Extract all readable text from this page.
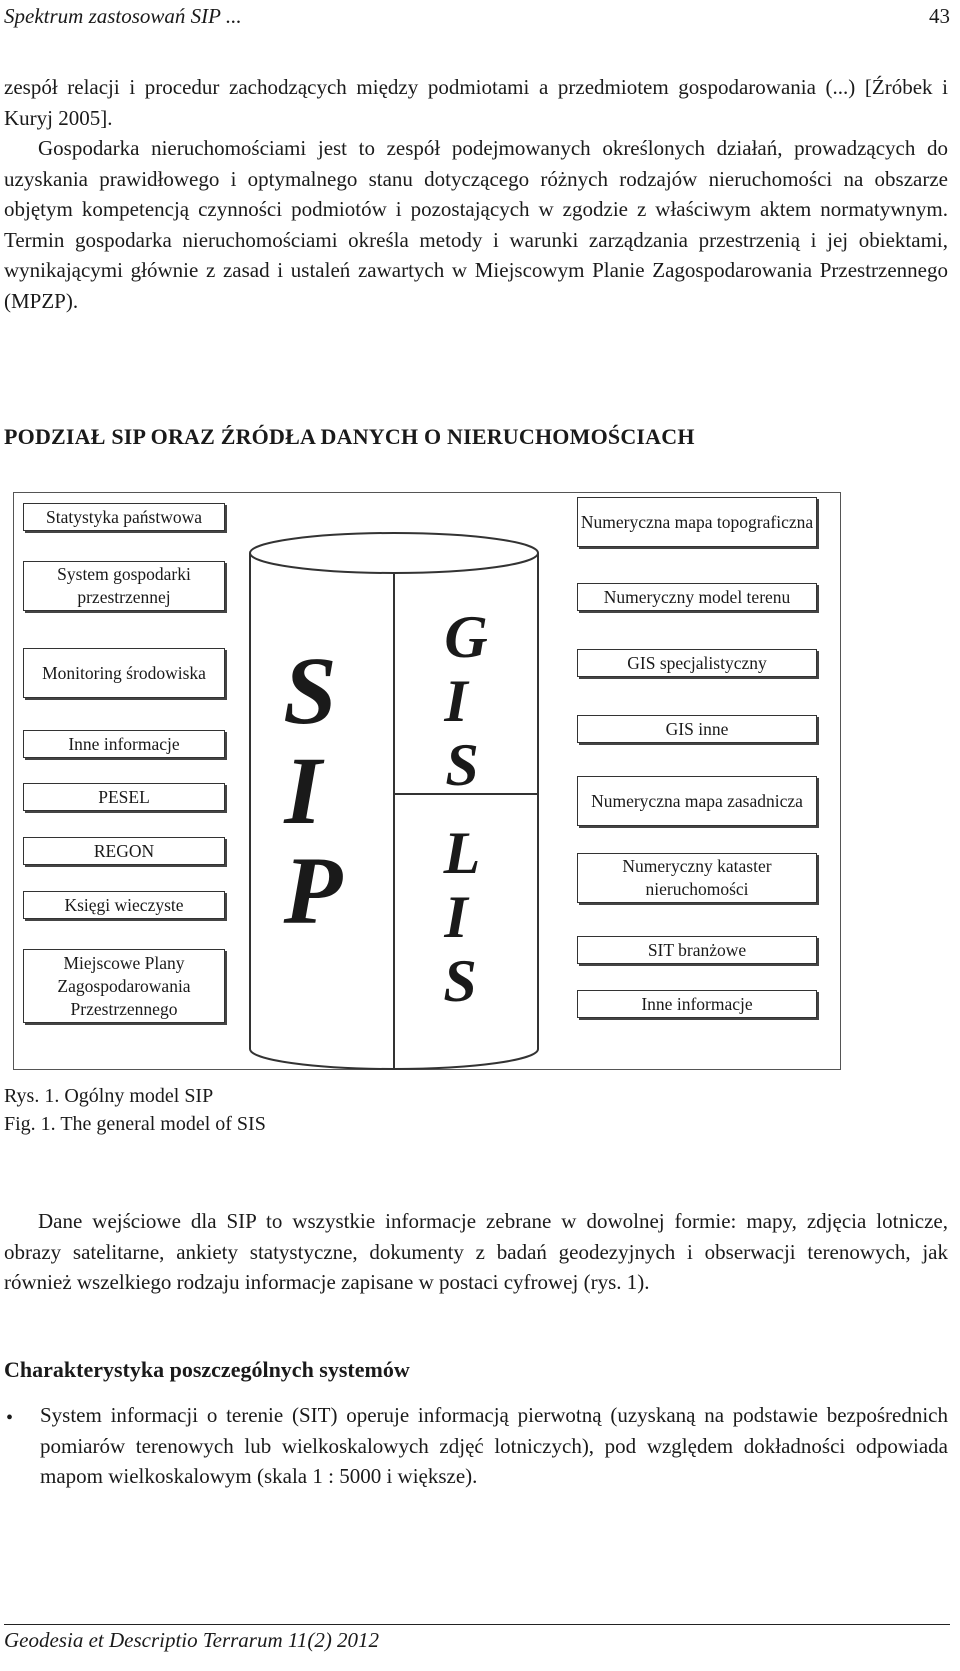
Spektrum zastosowań SIP ...	43
zespół relacji i procedur zachodzących między podmiotami a przedmiotem gospodarowania (...) [Źróbek i Kuryj 2005].
Gospodarka nieruchomościami jest to zespół podejmowanych określonych działań, prowadzących do uzyskania prawidłowego i optymalnego stanu dotyczącego różnych rodzajów nieruchomości na obszarze objętym kompetencją czynności podmiotów i pozostających w zgodzie z właściwym aktem normatywnym. Termin gospodarka nieruchomościami określa metody i warunki zarządzania przestrzenią i jej obiektami, wynikającymi głównie z zasad i ustaleń zawartych w Miejscowym Planie Zagospodarowania Przestrzennego (MPZP).
PODZIAŁ SIP ORAZ ŹRÓDŁA DANYCH O NIERUCHOMOŚCIACH
Statystyka państwowa
System gospodarki przestrzennej
Monitoring środowiska
Inne informacje
PESEL
REGON
Księgi wieczyste
Miejscowe Plany Zagospodarowania Przestrzennego
Numeryczna mapa topograficzna
Numeryczny model terenu
GIS specjalistyczny
GIS inne
Numeryczna mapa zasadnicza
Numeryczny kataster nieruchomości
SIT branżowe
Inne informacje
S
I
P
G
I
S
L
I
S
Rys. 1. Ogólny model SIP
Fig. 1. The general model of SIS
Dane wejściowe dla SIP to wszystkie informacje zebrane w dowolnej formie: mapy, zdjęcia lotnicze, obrazy satelitarne, ankiety statystyczne, dokumenty z badań geodezyjnych i obserwacji terenowych, jak również wszelkiego rodzaju informacje zapisane w postaci cyfrowej (rys. 1).
Charakterystyka poszczególnych systemów
• System informacji o terenie (SIT) operuje informacją pierwotną (uzyskaną na podstawie bezpośrednich pomiarów terenowych lub wielkoskalowych zdjęć lotniczych), pod względem dokładności odpowiada mapom wielkoskalowym (skala 1 : 5000 i większe).
Geodesia et Descriptio Terrarum 11(2) 2012
